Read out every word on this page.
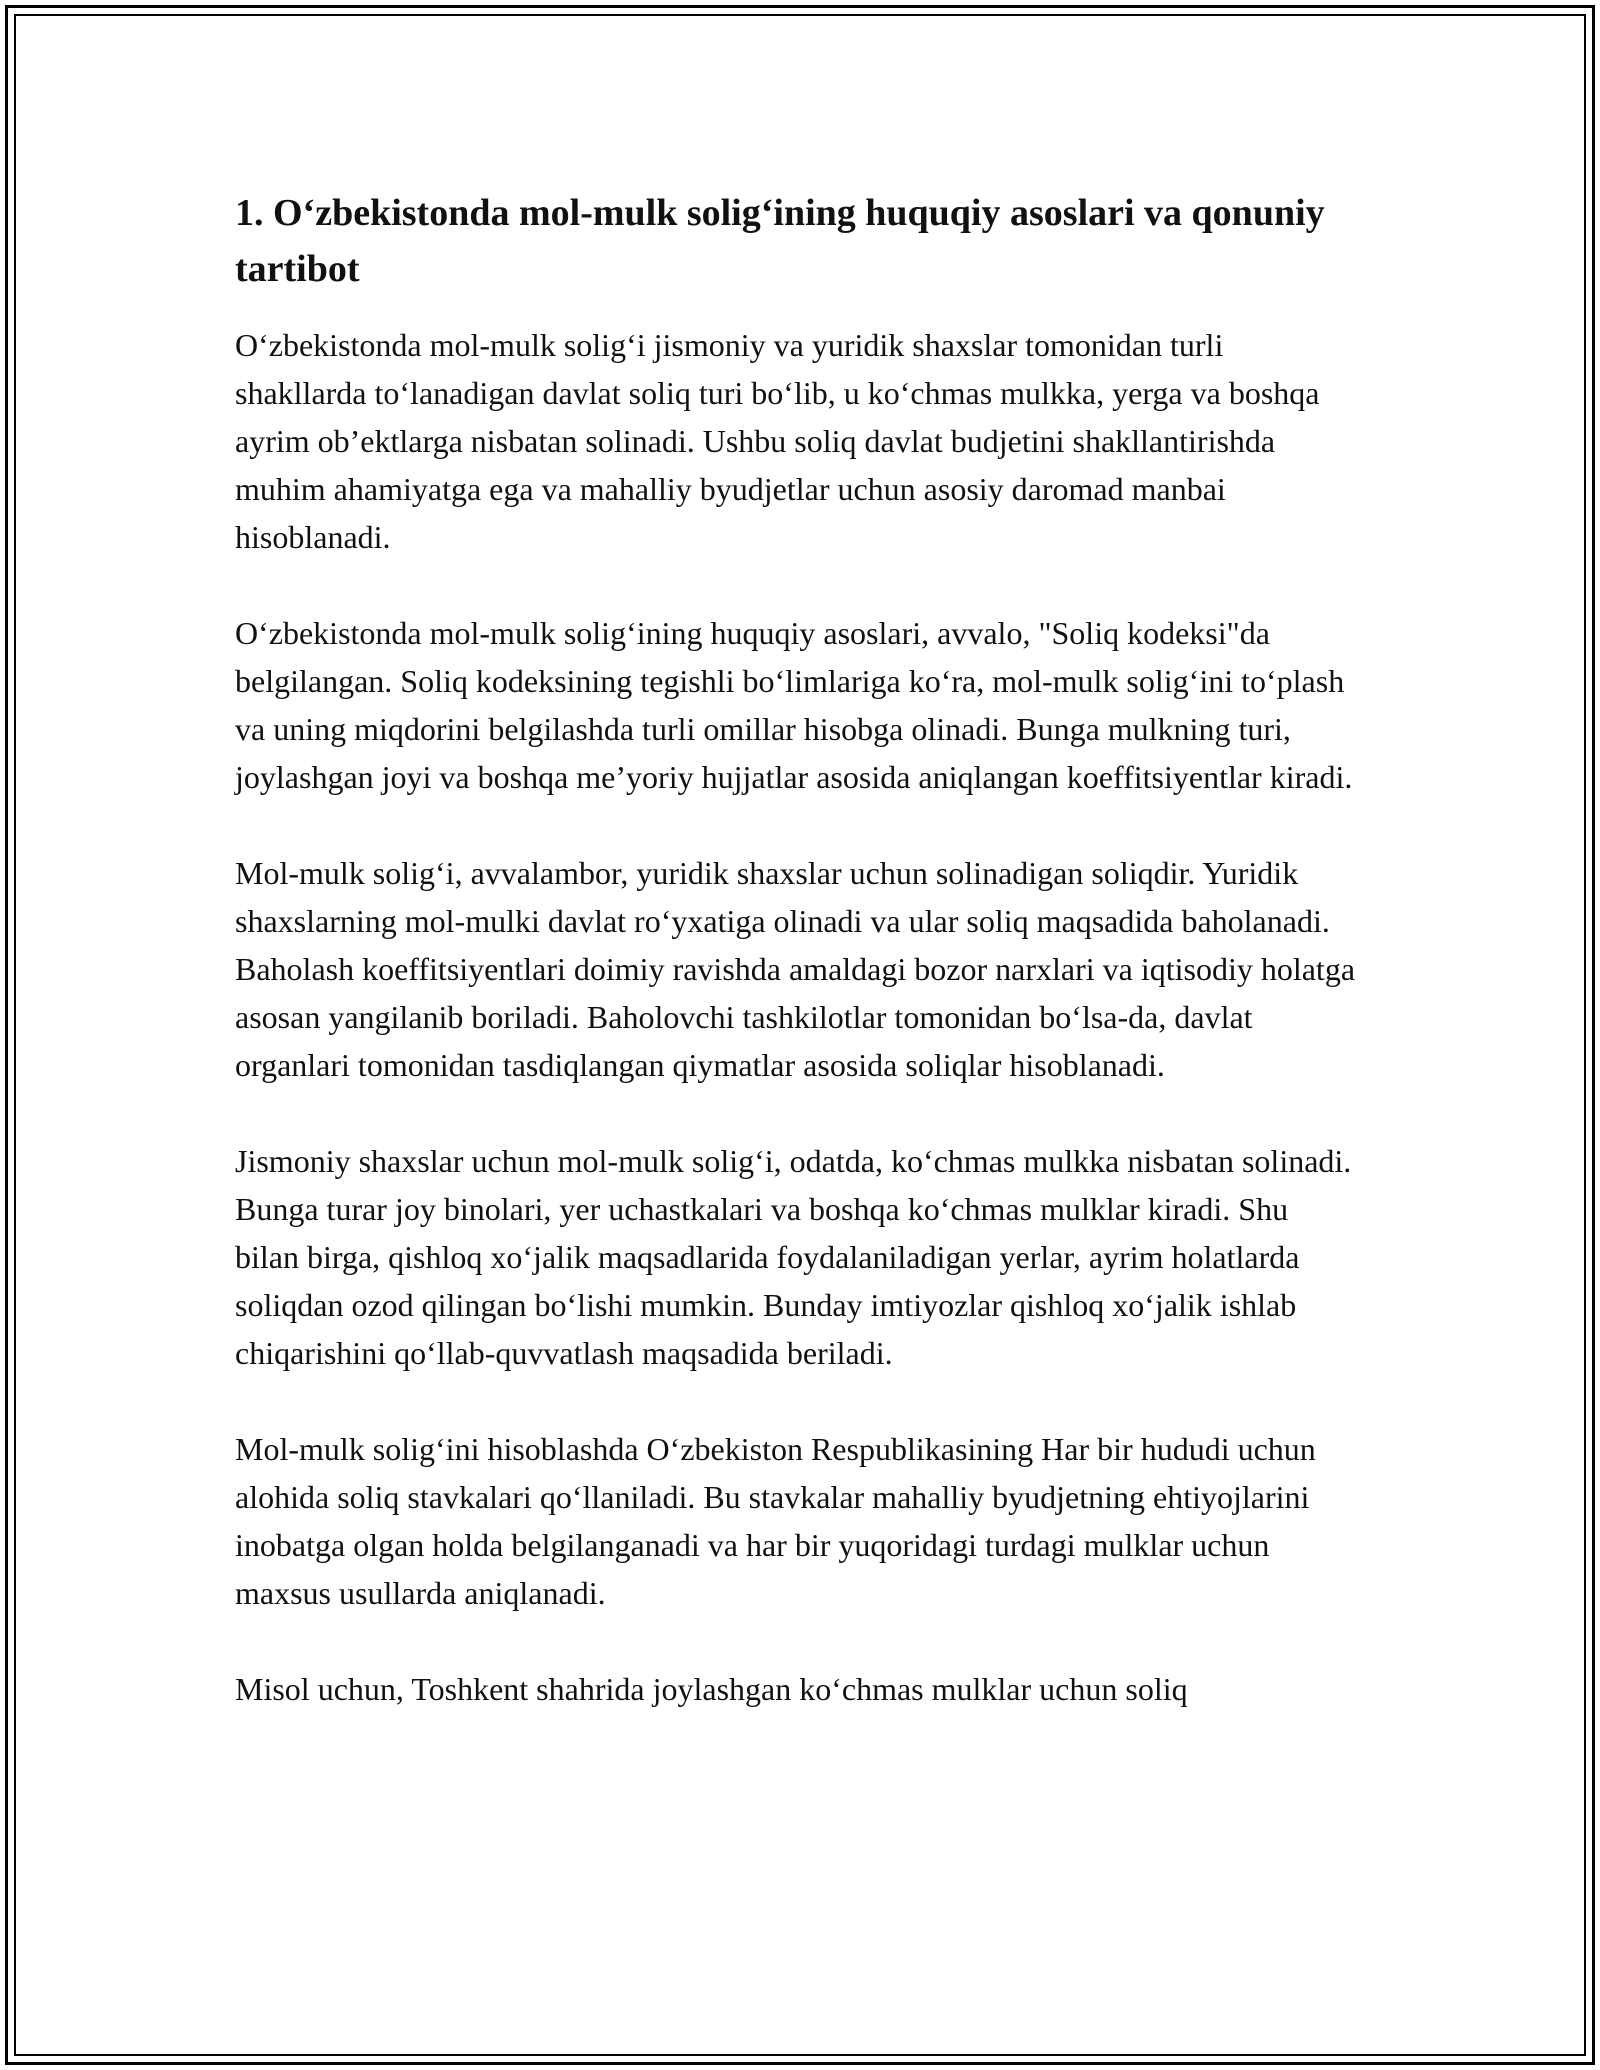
1. O‘zbekistonda mol-mulk solig‘ining huquqiy asoslari va qonuniy tartibot

O‘zbekistonda mol-mulk solig‘i jismoniy va yuridik shaxslar tomonidan turli shakllarda to‘lanadigan davlat soliq turi bo‘lib, u ko‘chmas mulkka, yerga va boshqa ayrim ob’ektlarga nisbatan solinadi. Ushbu soliq davlat budjetini shakllantirishda muhim ahamiyatga ega va mahalliy byudjetlar uchun asosiy daromad manbai hisoblanadi.

O‘zbekistonda mol-mulk solig‘ining huquqiy asoslari, avvalo, "Soliq kodeksi"da belgilangan. Soliq kodeksining tegishli bo‘limlariga ko‘ra, mol-mulk solig‘ini to‘plash va uning miqdorini belgilashda turli omillar hisobga olinadi. Bunga mulkning turi, joylashgan joyi va boshqa me’yoriy hujjatlar asosida aniqlangan koeffitsiyentlar kiradi.

Mol-mulk solig‘i, avvalambor, yuridik shaxslar uchun solinadigan soliqdir. Yuridik shaxslarning mol-mulki davlat ro‘yxatiga olinadi va ular soliq maqsadida baholanadi. Baholash koeffitsiyentlari doimiy ravishda amaldagi bozor narxlari va iqtisodiy holatga asosan yangilanib boriladi. Baholovchi tashkilotlar tomonidan bo‘lsa-da, davlat organlari tomonidan tasdiqlangan qiymatlar asosida soliqlar hisoblanadi.

Jismoniy shaxslar uchun mol-mulk solig‘i, odatda, ko‘chmas mulkka nisbatan solinadi. Bunga turar joy binolari, yer uchastkalari va boshqa ko‘chmas mulklar kiradi. Shu bilan birga, qishloq xo‘jalik maqsadlarida foydalaniladigan yerlar, ayrim holatlarda soliqdan ozod qilingan bo‘lishi mumkin. Bunday imtiyozlar qishloq xo‘jalik ishlab chiqarishini qo‘llab-quvvatlash maqsadida beriladi.

Mol-mulk solig‘ini hisoblashda O‘zbekiston Respublikasining Har bir hududi uchun alohida soliq stavkalari qo‘llaniladi. Bu stavkalar mahalliy byudjetning ehtiyojlarini inobatga olgan holda belgilanganadi va har bir yuqoridagi turdagi mulklar uchun maxsus usullarda aniqlanadi.

Misol uchun, Toshkent shahrida joylashgan ko‘chmas mulklar uchun soliq
